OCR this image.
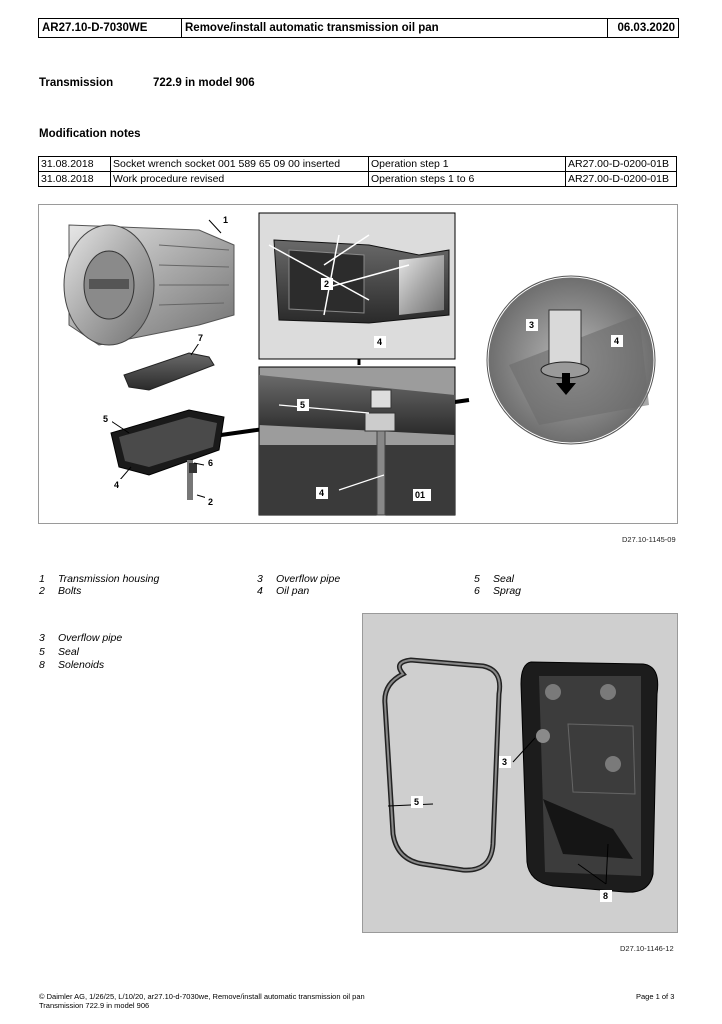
AR27.10-D-7030WE	Remove/install automatic transmission oil pan	06.03.2020
Transmission	722.9 in model 906
Modification notes
31.08.2018	Socket wrench socket 001 589 65 09 00 inserted	Operation step 1	AR27.00-D-0200-01B
31.08.2018	Work procedure revised	Operation steps 1 to 6	AR27.00-D-0200-01B
1
7
5
4
6
2
2
4
3
4
5
4	01
D27.10-1145-09
1 Transmission housing
2 Bolts
3 Overflow pipe
4 Oil pan
5 Seal
6 Sprag
3 Overflow pipe
5 Seal
8 Solenoids
5
3
8
D27.10-1146-12
© Daimler AG, 1/26/25, L/10/20, ar27.10-d-7030we, Remove/install automatic transmission oil pan
Transmission 722.9 in model 906
Page 1 of 3
